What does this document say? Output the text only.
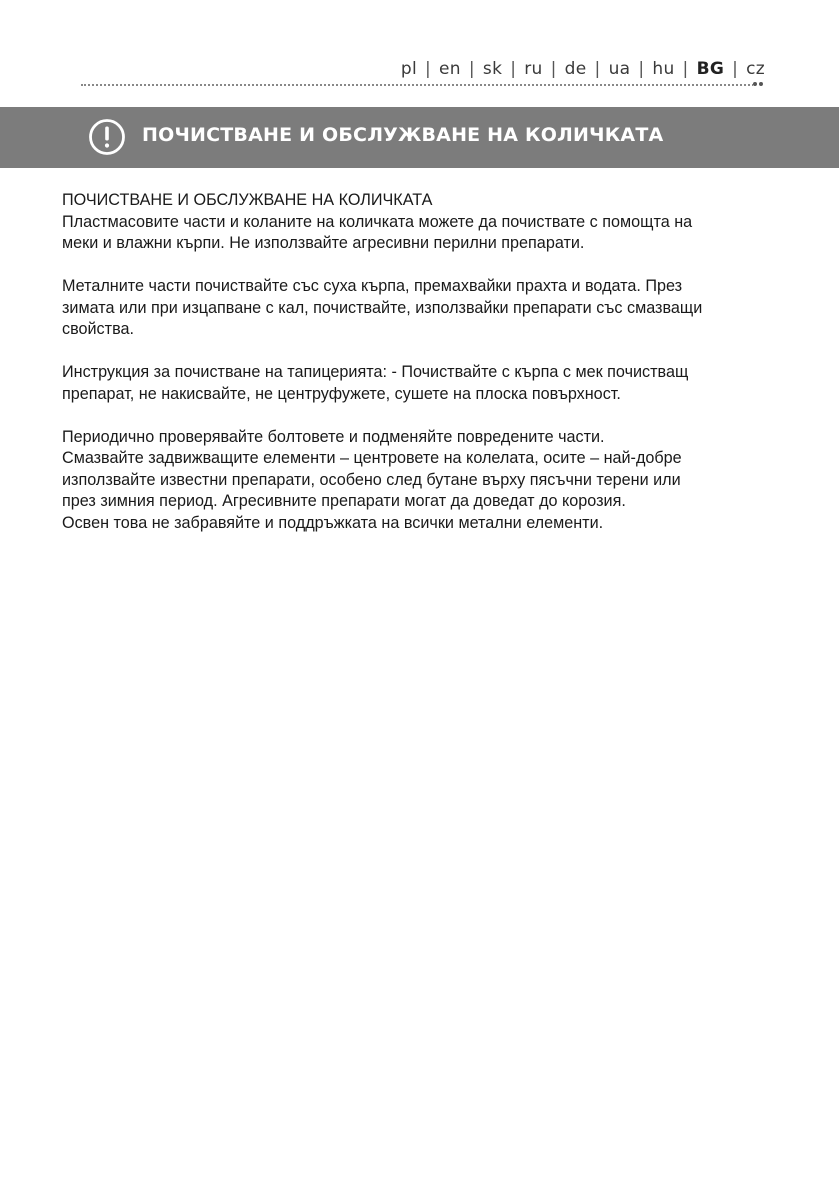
pl | en | sk | ru | de | ua | hu | BG | cz
ПОЧИСТВАНЕ И ОБСЛУЖВАНЕ НА КОЛИЧКАТА

ПОЧИСТВАНЕ И ОБСЛУЖВАНЕ НА КОЛИЧКАТА
Пластмасовите части и коланите на количката можете да почиствате с помощта на
меки и влажни кърпи. Не използвайте агресивни перилни препарати.

Металните части почиствайте със суха кърпа, премахвайки прахта и водата. През
зимата или при изцапване с кал, почиствайте, използвайки препарати със смазващи
свойства.

Инструкция за почистване на тапицерията: - Почиствайте с кърпа с мек почистващ
препарат, не накисвайте, не центруфужете, сушете на плоска повърхност.

Периодично проверявайте болтовете и подменяйте повредените части.
Смазвайте задвижващите елементи – центровете на колелата, осите – най-добре
използвайте известни препарати, особено след бутане върху пясъчни терени или
през зимния период. Агресивните препарати могат да доведат до корозия.
Освен това не забравяйте и поддръжката на всички метални елементи.
